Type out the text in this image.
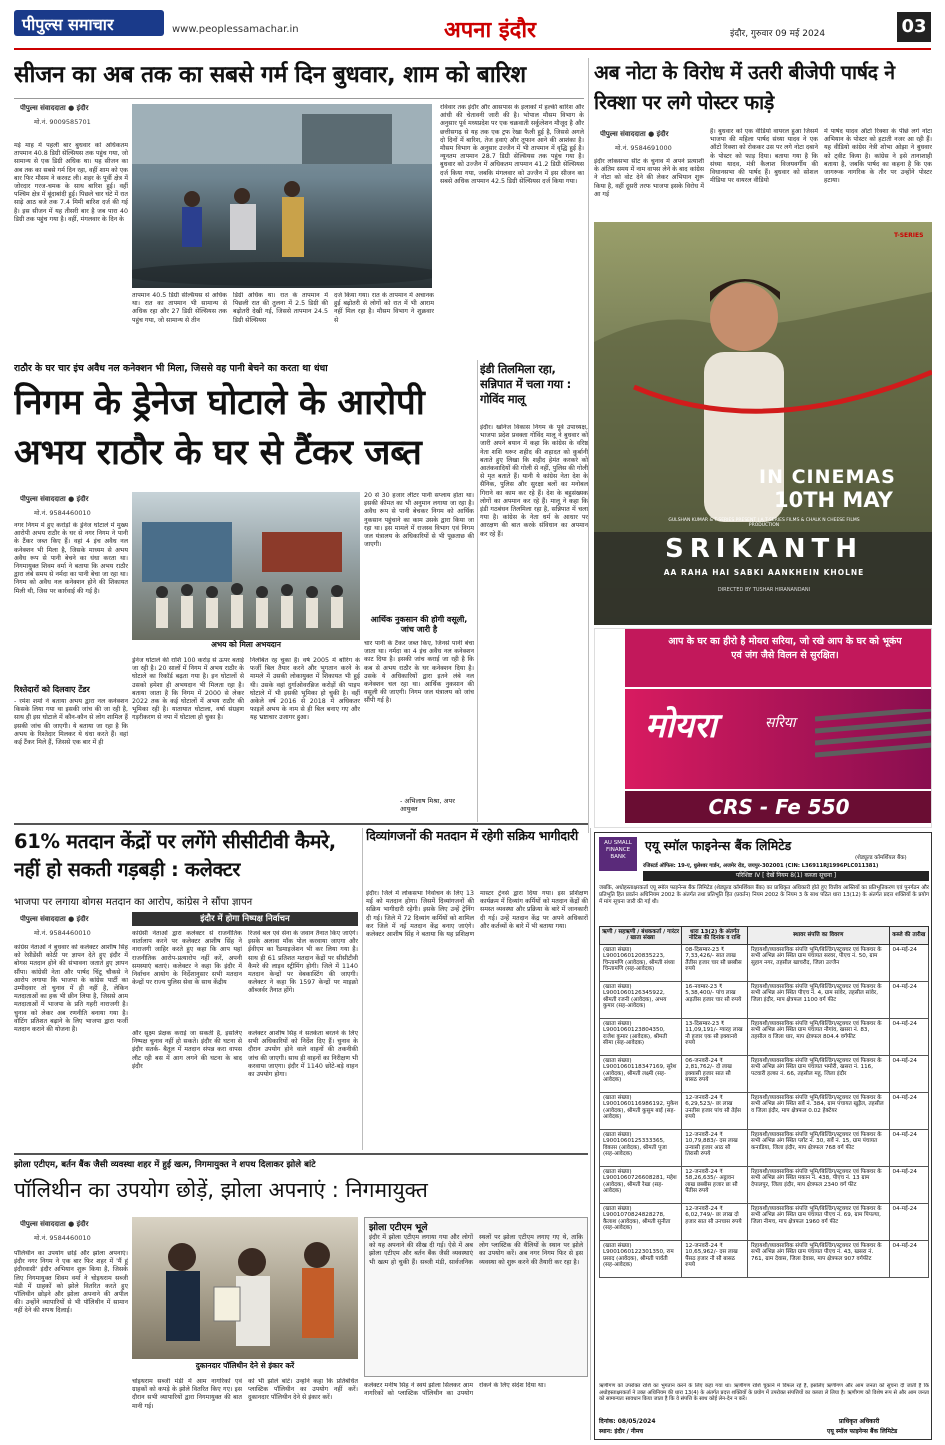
पीपुल्स समाचार	www.peoplessamachar.in	अपना इंदौर	इंदौर, गुरुवार 09 मई 2024	03
सीजन का अब तक का सबसे गर्म दिन बुधवार, शाम को बारिश
पीपुल्स संवाददाता ● इंदौर
मो.नं. 9009585701
मई माह में पहली बार बुधवार को अधिकतम तापमान 40.8 डिग्री सेल्सियस तक पहुंच गया, जो सामान्य से एक डिग्री अधिक था। यह सीजन का अब तक का सबसे गर्म दिन रहा, वहीं शाम को एक बार फिर मौसम ने करवट ली। शहर के पूर्वी क्षेत्र में जोरदार गरज-चमक के साथ बारिश हुई। वहीं पश्चिम क्षेत्र में बूंदाबांदी हुई। पिछले चार घंटे में रात साढ़े आठ बजे तक 7.4 मिमी बारिश दर्ज की गई है। इस सीजन में यह तीसरी बार है जब पारा 40 डिग्री तक पहुंच गया है। वहीं, मंगलवार के दिन के
तापमान 40.5 डिग्री सेल्सियस से अधिक था। रात का तापमान भी सामान्य से अधिक रहा और 27 डिग्री सेल्सियस तक पहुंच गया, जो सामान्य से तीन
डिग्री अधिक था। रात के तापमान में पिछली रात की तुलना में 2.5 डिग्री की बढ़ोतरी देखी गई, जिससे तापमान 24.5 डिग्री सेल्सियस
दर्ज किया गया। रात के तापमान में अचानक हुई बढ़ोतरी से लोगों को रात में भी आराम नहीं मिल रहा है। मौसम विभाग ने शुक्रवार से
रविवार तक इंदौर और आसपास के इलाकों में हल्की बारिश और आंधी की चेतावनी जारी की है। भोपाल मौसम विभाग के अनुसार पूर्व मध्यप्रदेश पर एक चक्रवाती सर्कुलेशन मौजूद है और छत्तीसगढ़ से यह तक एक ट्रफ रेखा फैली हुई है, जिससे अगले दो दिनों में बारिश, तेज हवाएं और तूफान आने की आशंका है। मौसम विभाग के अनुसार उज्जैन में भी तापमान में वृद्धि हुई है। न्यूनतम तापमान 28.7 डिग्री सेल्सियस तक पहुंच गया है। बुधवार को उज्जैन में अधिकतम तापमान 41.2 डिग्री सेल्सियस दर्ज किया गया, जबकि मंगलवार को उज्जैन में इस सीजन का सबसे अधिक तापमान 42.5 डिग्री सेल्सियस दर्ज किया गया।
अब नोटा के विरोध में उतरी बीजेपी पार्षद ने रिक्शा पर लगे पोस्टर फाड़े
पीपुल्स संवाददाता ● इंदौर
मो.नं. 9584691000
इंदौर लोकसभा सीट के चुनाव में अपने प्रत्याशी के अंतिम समय में नाम वापस लेने के बाद कांग्रेस ने नोटा को वोट देने की लेकर अभियान शुरू किया है, वहीं दूसरी तरफ भाजपा इसके विरोध में आ गई
है। बुधवार को एक वीडियो वायरल हुआ जिसमें भाजपा की महिला पार्षद संध्या यादव ने एक ऑटो रिक्शा को रोककर उस पर लगे नोटा दबाने के पोस्टर को फाड़ दिया। बताया गया है कि संध्या यादव, मंत्री कैलाश विजयवर्गीय की विधानसभा की पार्षद हैं। बुधवार को सोशल मीडिया पर वायरल वीडियो
में पार्षद यादव ऑटो रिक्शा के पीछे लगे नोटा अभियान के पोस्टर को हटाती नजर आ रही हैं। यह वीडियो कांग्रेस नेत्री शोभा ओझा ने बुधवार को ट्वीट किया है। कांग्रेस ने इसे तानाशाही बताया है, जबकि पार्षद का कहना है कि एक जागरूक नागरिक के तौर पर उन्होंने पोस्टर हटाया।
T-SERIES
IN CINEMAS
10TH MAY
GULSHAN KUMAR & T-SERIES PRESENT | A T-SERIES FILMS & CHALK N CHEESE FILMS PRODUCTION
SRIKANTH
AA RAHA HAI SABKI AANKHEIN KHOLNE
DIRECTED BY TUSHAR HIRANANDANI
आप के घर का हीरो है मोयरा सरिया, जो रखे आप के घर को भूकंप एवं जंग जैसे विलन से सुरक्षित।
मोयरा	सरिया
CRS - Fe 550
राठौर के घर चार इंच अवैध नल कनेक्शन भी मिला, जिससे वह पानी बेचने का करता था धंधा
निगम के ड्रेनेज घोटाले के आरोपी अभय राठौर के घर से टैंकर जब्त
पीपुल्स संवाददाता ● इंदौर
मो.नं. 9584460010
नगर निगम में हुए करोड़ों के ड्रेनेज घोटाले में मुख्य आरोपी अभय राठौर के घर से नगर निगम ने पानी के टैंकर जब्त किए हैं। वहां 4 इंच अवैध नल कनेक्शन भी मिला है, जिसके माध्यम से अभय अवैध रूप से पानी बेचने का धंधा करता था। निगमायुक्त शिवम वर्मा ने बताया कि अभय राठौर द्वारा लंबे समय से नर्मदा का पानी बेचा जा रहा था। निगम को अवैध नल कनेक्शन होने की शिकायत मिली थी, जिस पर कार्रवाई की गई है।
रिश्तेदारों को दिलवाए टेंडर
- रमेश शर्मा ने बताया अभय द्वारा नल कनेक्शन किसके लिया गया था इसकी जांच की जा रही है, साथ ही इस घोटाले में कौन-कौन से लोग शामिल हैं इसकी जांच की जाएगी। ये बताया जा रहा है कि अभय के रिश्तेदार मिलकर ये धंधा करते हैं। वहां कई टैंकर मिले हैं, जिससे एक बार में ही
अभय को मिला अभयदान
ड्रेनेज घोटाले की राशि 100 करोड़ से ऊपर बताई जा रही है। 20 सालों में निगम में अभय राठौर के घोटाले का रिकॉर्ड बढ़ता गया है। इन घोटालों से उसको हमेशा ही अभयदान भी मिलता रहा है। बताया जाता है कि निगम में 2000 से लेकर 2022 तक के कई घोटालों में अभय राठौर की भूमिका रही है। यातायात घोटाला, वर्षा संग्रहण गड़रीकरण से नपा में घोटाला हो चुका है।
निलंबित रह चुका है। वर्ष 2005 में बोरिंग के फर्जी बिल तैयार करने और भुगतान करने के मामले में उसकी लोकायुक्त में शिकायत भी हुई थी। उसके वहां दुर्गाओवरब्रिज करोड़ों की पाइप घोटाले में भी इसकी भूमिका हो चुकी है। वहीं अकेले वर्ष 2016 से 2018 में अधिकतर फाइलें अभय के नाम से ही बिल बनाए गए और यह भ्रष्टाचार उजागर हुआ।
20 से 30 हजार लीटर पानी सप्लाय होता था। इसकी कीमत का भी अनुमान लगाया जा रहा है। अवैध रूप से पानी बेचकर निगम को आर्थिक नुकसान पहुंचाने का काम उसके द्वारा किया जा रहा था। इस मामले में राजस्व विभाग एवं निगम जल यंत्रालय के अधिकारियों से भी पूछताछ की जाएगी।
आर्थिक नुकसान की होगी वसूली, जांच जारी है
चार पानी के टैंकर जब्त किए, जिनसे पानी बेचा जाता था। नर्मदा का 4 इंच अवैध नल कनेक्शन काट दिया है। इसकी जांच कराई जा रही है कि कब से अभय राठौर के घर कनेक्शन दिया है। उसके ये अधिकारियों द्वारा इतने लंबे नल कनेक्शन चल रहा था। आर्थिक नुकसान की वसूली की जाएगी। निगम जल यंत्रालय को जांच सौंपी गई है।
- अभिलाष मिश्रा, अपर आयुक्त
इंडी तिलमिला रहा, सन्निपात में चला गया : गोविंद मालू
इंदौर। खनिज विकास निगम के पूर्व उपाध्यक्ष, भाजपा प्रदेश प्रवक्ता गोविंद मालू ने बुधवार को जारी अपने बयान में कहा कि कांग्रेस के वरिष्ठ नेता शशि थरूर शहीद की शहादत को कुर्बानी बताते हुए लिखा कि शहीद हेमंत करकरे को आतंकवादियों की गोली से नहीं, पुलिस की गोली से मृत बताते हैं। यानी ये कांग्रेस नेता देश के सैनिक, पुलिस और सुरक्षा बलों का मनोबल गिराने का काम कर रहे हैं। देश के बहुसंख्यक लोगों का अपमान कर रहे हैं। मालू ने कहा कि इंडी गठबंधन तिलमिला रहा है, सन्निपात में चला गया है। कांग्रेस के नेता धर्म के आधार पर आरक्षण की बात करके संविधान का अपमान कर रहे हैं।
61% मतदान केंद्रों पर लगेंगे सीसीटीवी कैमरे, नहीं हो सकती गड़बड़ी : कलेक्टर
भाजपा पर लगाया बोगस मतदान का आरोप, कांग्रेस ने सौंपा ज्ञापन
पीपुल्स संवाददाता ● इंदौर
मो.नं. 9584460010
कांग्रेस नेताओं ने बुधवार को कलेक्टर आशीष सिंह को रेसीडेंसी कोठी पर ज्ञापन देते हुए इंदौर में बोगस मतदान होने की संभावना जताते हुए ज्ञापन सौंपा। कांग्रेसी नेता और पार्षद चिंटू चौकसे ने आरोप लगाया कि भाजपा के कांग्रेस पार्टी का उम्मीदवार तो चुनाव में ही नहीं है, लेकिन मतदाताओं का हक भी छीन लिया है, जिससे आम मतदाताओं में भाजपा के प्रति गहरी नाराजगी है। चुनाव को लेकर अब रणनीति बनाया गया है। वोटिंग प्रतिशत बढ़ाने के लिए भाजपा द्वारा फर्जी मतदान कराने की योजना है।
इंदौर में होगा निष्पक्ष निर्वाचन
कांग्रेसी नेताओं द्वारा कलेक्टर से राजनीतिक वार्तालाप करने पर कलेक्टर आशीष सिंह ने नाराजगी जाहिर करते हुए कहा कि आप यहां राजनीतिक आरोप-प्रत्यारोप नहीं करें, अपनी समस्याएं बताएं। कलेक्टर ने कहा कि इंदौर में निर्वाचन आयोग के निर्देशानुसार सभी मतदान केन्द्रों पर राज्य पुलिस सेवा के साथ केंद्रीय
रिजर्व बल एवं सेना के जवान तैनात किए जाएंगे। इसके अलावा मॉक पोल करवाया जाएगा और ईवीएम का रैंडमाइजेशन भी कर लिया गया है। साथ ही 61 प्रतिशत मतदान केंद्रों पर सीसीटीवी कैमरे की लाइव स्ट्रीमिंग होगी। जिले में 1140 मतदान केन्द्रों पर वेबकास्टिंग की जाएगी। कलेक्टर ने कहा कि 1597 केन्द्रों पर माइक्रो ऑब्जर्वर तैनात होंगे।
और सूक्ष्म प्रेक्षक कराई जा सकती है, इसलिए निष्पक्ष चुनाव नहीं हो सकते। इंदौर की घटना से इंदौर सतर्क- बैतूल में मतदान संपन्न करा वापस लौट रही बस में आग लगने की घटना के बाद इंदौर
कलेक्टर आशीष सिंह ने सतर्कता बरतने के लिए सभी अधिकारियों को निर्देश दिए हैं। चुनाव के दौरान उपयोग होने वाले वाहनों की तकनीकी जांच की जाएगी। साथ ही वाहनों का निरीक्षण भी करवाया जाएगा। इंदौर में 1140 छोटे-बड़े वाहन का उपयोग होगा।
दिव्यांगजनों की मतदान में रहेगी सक्रिय भागीदारी
इंदौर। जिले में लोकसभा निर्वाचन के लिए 13 मई को मतदान होगा। जिसमें दिव्यांगजनों की सक्रिय भागीदारी रहेगी। इसके लिए उन्हें ट्रेनिंग दी गई। जिले में 72 दिव्यांग कर्मियों को शामिल कर जिले में नई मतदान केंद्र बनाए जाएंगे। कलेक्टर आशीष सिंह ने बताया कि यह प्रशिक्षण मास्टर ट्रेनर्स द्वारा दिया गया। इस प्रशिक्षण कार्यक्रम में दिव्यांग कर्मियों को मतदान केंद्रों की समस्त व्यवस्था और प्रक्रिया के बारे में जानकारी दी गई। उन्हें मतदान केंद्र पर अपने अधिकारों और कर्तव्यों के बारे में भी बताया गया।
झोला एटीएम, बर्तन बैंक जैसी व्यवस्था शहर में हुई खत्म, निगमायुक्त ने शपथ दिलाकर झोले बांटे
पॉलिथीन का उपयोग छोड़ें, झोला अपनाएं : निगमायुक्त
पीपुल्स संवाददाता ● इंदौर
मो.नं. 9584460010
पॉलिथीन का उपयोग छोड़ें और झोला अपनाएं। इंदौर नगर निगम ने एक बार फिर शहर में 'मैं हूं इंदौरवासी' इंदौर अभियान शुरू किया है, जिसके लिए निगमायुक्त शिवम वर्मा ने चोइथराम सब्जी मंडी में ग्राहकों को झोले वितरित करते हुए पॉलिथीन छोड़ने और झोला अपनाने की अपील की। उन्होंने व्यापारियों से भी पॉलिथीन में सामान नहीं देने की शपथ दिलाई।
दुकानदार पॉलिथीन देने से इंकार करें
चोइथराम सब्जी मंडी में आम नागरिकों एवं ग्राहकों को कपड़े के झोले वितरित किए गए। इस दौरान सभी व्यापारियों द्वारा निगमायुक्त की बात मानी गई।
को भी झोले बांटे। उन्होंने कहा कि प्रतिबंधित प्लास्टिक पॉलिथीन का उपयोग नहीं करें। दुकानदार पॉलिथीन देने से इंकार करें।
झोला एटीएम भूले
इंदौर में झोला एटीएम लगाया गया और लोगों को यह अपनाने की सीख दी गई। ऐसे में अब झोला एटीएम और बर्तन बैंक जैसी व्यवस्थाएं भी खत्म हो चुकी हैं। सब्जी मंडी, सार्वजनिक स्थलों पर झोला एटीएम लगाए गए थे, ताकि लोग प्लास्टिक की थैलियों के स्थान पर झोले का उपयोग करें। अब नगर निगम फिर से इस व्यवस्था को शुरू करने की तैयारी कर रहा है।
कलेक्टर मनीष सिंह ने स्वयं झोला सिलकर आम नागरिकों को प्लास्टिक पॉलिथीन का उपयोग रोकने के लिए संदेश दिया था।
AU SMALL FINANCE BANK
एयू स्मॉल फाइनेन्स बैंक लिमिटेड
(शेड्यूल्ड कॉमर्शियल बैंक)
रजिस्टर्ड ऑफिस: 19-ए, धुलेश्वर गार्डन, अजमेर रोड, जयपुर-302001 (CIN: L36911RJ1996PLC011381)
परिशिष्ट IV [ देखें नियम 8(1) कब्जा सूचना ]
जबकि, अधोहस्ताक्षरकर्ता एयू स्मॉल फाइनेन्स बैंक लिमिटेड (शेड्यूल्ड कॉमर्शियल बैंक) का प्राधिकृत अधिकारी होते हुए वित्तीय आस्तियों का प्रतिभूतिकरण एवं पुनर्गठन और प्रतिभूति हित प्रवर्तन अधिनियम 2002 के अंतर्गत तथा प्रतिभूति हित (प्रवर्तन) नियम 2002 के नियम 3 के साथ पठित धारा 13(12) के अंतर्गत प्रदत्त शक्तियों के प्रयोग में मांग सूचना जारी की गई थी।
ऋणी / सहऋणी / बंधककर्ता / गारंटर / खाता संख्या	धारा 13(2) के अंतर्गत नोटिस की दिनांक व राशि	स्थावर संपत्ति का विवरण	कब्जे की तारीख
(खाता संख्या) L9001060120835223, चिन्तामणि (आवेदक), श्रीमती संध्या चिन्तामणि (सह-आवेदक)	08-दिसम्बर-23 ₹ 7,33,426/- सात लाख तैंतीस हजार चार सौ छब्बीस रुपये	रिहायशी/व्यावसायिक संपत्ति भूमि/बिल्डिंग/स्ट्रक्चर एवं फिक्चर के सभी अभिन्न अंग स्थित ग्राम पंचायत सरवर, पीएच नं. 50, ग्राम सुहाग नगर, तहसील खाचरौद, जिला उज्जैन	04-मई-24
(खाता संख्या) L9001060126345922, श्रीमती रजनी (आवेदक), अभय कुमार (सह-आवेदक)	16-नवम्बर-23 ₹ 5,38,400/- पांच लाख अड़तीस हजार चार सौ रुपये	रिहायशी/व्यावसायिक संपत्ति भूमि/बिल्डिंग/स्ट्रक्चर एवं फिक्चर के सभी अभिन्न अंग स्थित पीएच नं. 4, ग्राम सांवेर, तहसील सांवेर, जिला इंदौर, माप क्षेत्रफल 1100 वर्ग फीट	04-मई-24
(खाता संख्या) L9001060123804350, राजेश कुमार (आवेदक), श्रीमती सीमा (सह-आवेदक)	13-दिसम्बर-23 ₹ 11,09,191/- ग्यारह लाख नौ हजार एक सौ इक्यानवे रुपये	रिहायशी/व्यावसायिक संपत्ति भूमि/बिल्डिंग/स्ट्रक्चर एवं फिक्चर के सभी अभिन्न अंग स्थित ग्राम पंचायत नौगांव, खसरा नं. 83, तहसील व जिला धार, माप क्षेत्रफल 804.4 वर्गफीट	04-मई-24
(खाता संख्या) L9001060118347169, सुरेश (आवेदक), श्रीमती लक्ष्मी (सह-आवेदक)	06-जनवरी-24 ₹ 2,81,762/- दो लाख इक्यासी हजार सात सौ बासठ रुपये	रिहायशी/व्यावसायिक संपत्ति भूमि/बिल्डिंग/स्ट्रक्चर एवं फिक्चर के सभी अभिन्न अंग स्थित ग्राम पंचायत भमोरी, खसरा नं. 116, पटवारी हल्का नं. 66, तहसील महू, जिला इंदौर	04-मई-24
(खाता संख्या) L9001060116986192, मुकेश (आवेदक), श्रीमती कुसुम बाई (सह-आवेदक)	12-जनवरी-24 ₹ 6,29,523/- छः लाख उनतीस हजार पांच सौ तेईस रुपये	रिहायशी/व्यावसायिक संपत्ति भूमि/बिल्डिंग/स्ट्रक्चर एवं फिक्चर के सभी अभिन्न अंग स्थित सर्वे नं. 384, ग्राम पंचायत खुड़ैल, तहसील व जिला इंदौर, माप क्षेत्रफल 0.02 हेक्टेयर	04-मई-24
(खाता संख्या) L9001060125333365, विकास (आवेदक), श्रीमती पूजा (सह-आवेदक)	12-जनवरी-24 ₹ 10,79,883/- दस लाख उन्यासी हजार आठ सौ तिरासी रुपये	रिहायशी/व्यावसायिक संपत्ति भूमि/बिल्डिंग/स्ट्रक्चर एवं फिक्चर के सभी अभिन्न अंग स्थित प्लॉट नं. 30, सर्वे नं. 15, ग्राम पंचायत कनाडिया, जिला इंदौर, माप क्षेत्रफल 768 वर्ग फीट	04-मई-24
(खाता संख्या) L9001060726608281, महेश (आवेदक), श्रीमती रेखा (सह-आवेदक)	12-जनवरी-24 ₹ 58,26,635/- अट्ठावन लाख छब्बीस हजार छः सौ पैंतीस रुपये	रिहायशी/व्यावसायिक संपत्ति भूमि/बिल्डिंग/स्ट्रक्चर एवं फिक्चर के सभी अभिन्न अंग स्थित मकान नं. 438, पीएच नं. 13 ग्राम देपालपुर, जिला इंदौर, माप क्षेत्रफल 2340 वर्ग फीट	04-मई-24
(खाता संख्या) L9001070824828278, कैलाश (आवेदक), श्रीमती सुनीता (सह-आवेदक)	12-जनवरी-24 ₹ 6,02,749/- छः लाख दो हजार सात सौ उनचास रुपये	रिहायशी/व्यावसायिक संपत्ति भूमि/बिल्डिंग/स्ट्रक्चर एवं फिक्चर के सभी अभिन्न अंग स्थित ग्राम पंचायत पीएच नं. 69, ग्राम पिपल्या, जिला नीमच, माप क्षेत्रफल 1960 वर्ग फीट	04-मई-24
(खाता संख्या) L9001060122301350, राम प्रसाद (आवेदक), श्रीमती पार्वती (सह-आवेदक)	12-जनवरी-24 ₹ 10,65,962/- दस लाख पैंसठ हजार नौ सौ बासठ रुपये	रिहायशी/व्यावसायिक संपत्ति भूमि/बिल्डिंग/स्ट्रक्चर एवं फिक्चर के सभी अभिन्न अंग स्थित ग्राम पंचायत पीएच नं. 43, खसरा नं. 761, ग्राम देवास, जिला देवास, माप क्षेत्रफल 907 वर्गफीट	04-मई-24
ऋणीगण को उपरोक्त राशि का भुगतान करने के लिए कहा गया था। ऋणीगण राशि चुकाने में विफल रहे हैं, इसलिए ऋणीगण और आम जनता को सूचना दी जाती है कि अधोहस्ताक्षरकर्ता ने उक्त अधिनियम की धारा 13(4) के अंतर्गत प्रदत्त शक्तियों के प्रयोग में उपरोक्त संपत्तियों का कब्जा ले लिया है। ऋणीगण को विशेष रूप से और आम जनता को सामान्यतः सावधान किया जाता है कि वे संपत्ति के साथ कोई लेन-देन न करें।
दिनांक: 08/05/2024
स्थान: इंदौर / नीमच
प्राधिकृत अधिकारी
एयू स्मॉल फाइनेन्स बैंक लिमिटेड
